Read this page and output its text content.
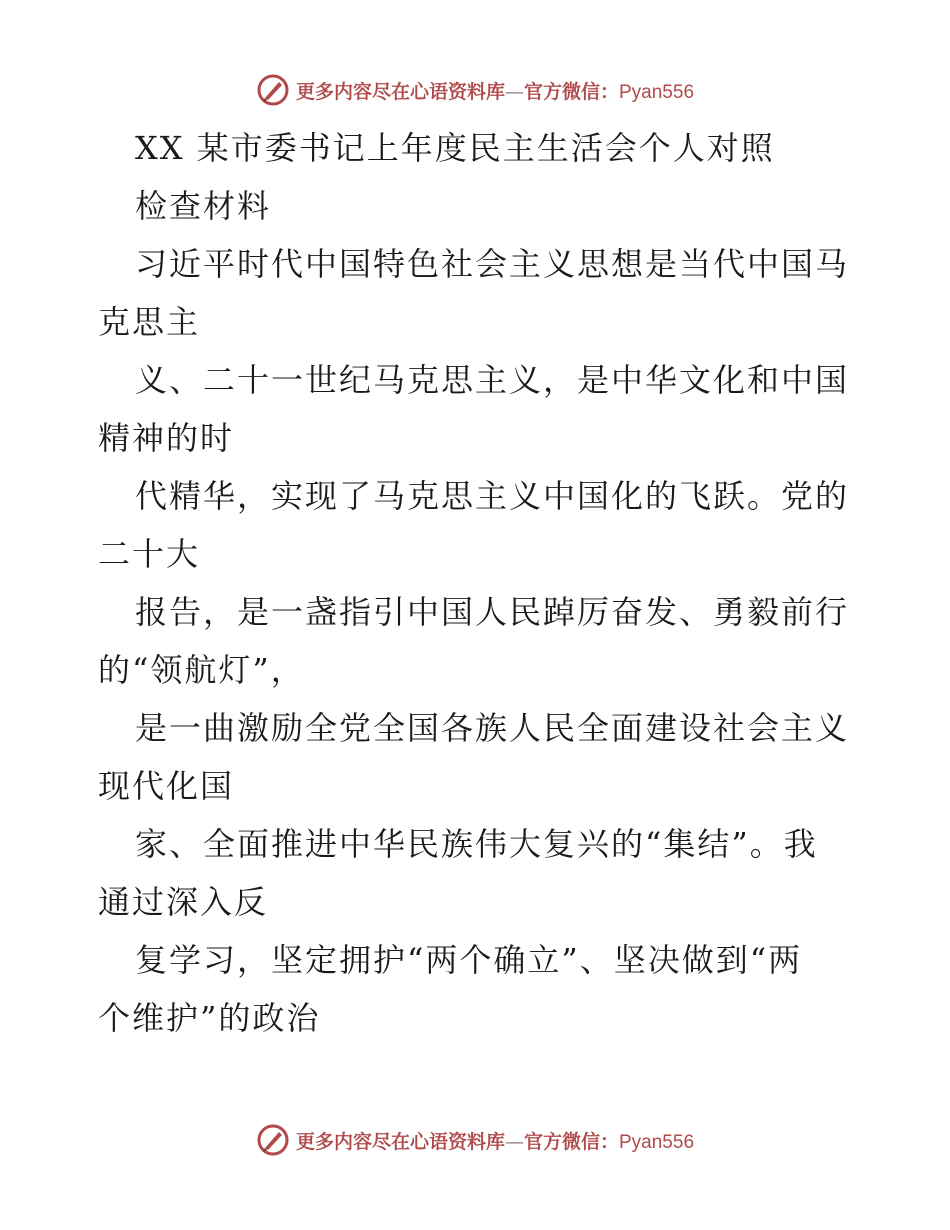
更多内容尽在心语资料库—官方微信：Pyan556
XX 某市委书记上年度民主生活会个人对照
检查材料
习近平时代中国特色社会主义思想是当代中国马
克思主
义、二十一世纪马克思主义，是中华文化和中国
精神的时
代精华，实现了马克思主义中国化的飞跃。党的
二十大
报告，是一盏指引中国人民踔厉奋发、勇毅前行
的“领航灯”，
是一曲激励全党全国各族人民全面建设社会主义
现代化国
家、全面推进中华民族伟大复兴的“集结”。我
通过深入反
复学习，坚定拥护“两个确立”、坚决做到“两
个维护”的政治
更多内容尽在心语资料库—官方微信：Pyan556
